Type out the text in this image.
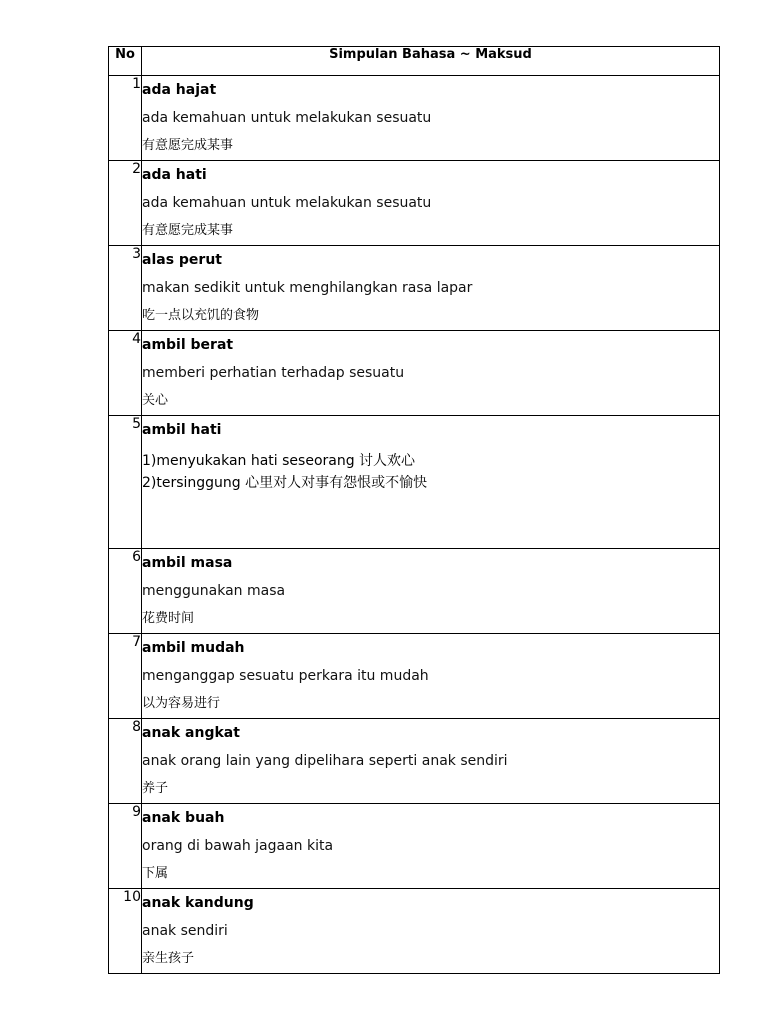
No	Simpulan Bahasa ~ Maksud
1	ada hajat
ada kemahuan untuk melakukan sesuatu
有意愿完成某事

2	ada hati
ada kemahuan untuk melakukan sesuatu
有意愿完成某事

3	alas perut
makan sedikit untuk menghilangkan rasa lapar
吃一点以充饥的食物

4	ambil berat
memberi perhatian terhadap sesuatu
关心

5	ambil hati
1)menyukakan hati seseorang 讨人欢心
2)tersinggung 心里对人对事有怨恨或不愉快

6	ambil masa
menggunakan masa
花费时间

7	ambil mudah
menganggap sesuatu perkara itu mudah
以为容易进行

8	anak angkat
anak orang lain yang dipelihara seperti anak sendiri
养子

9	anak buah
orang di bawah jagaan kita
下属

10	anak kandung
anak sendiri
亲生孩子
